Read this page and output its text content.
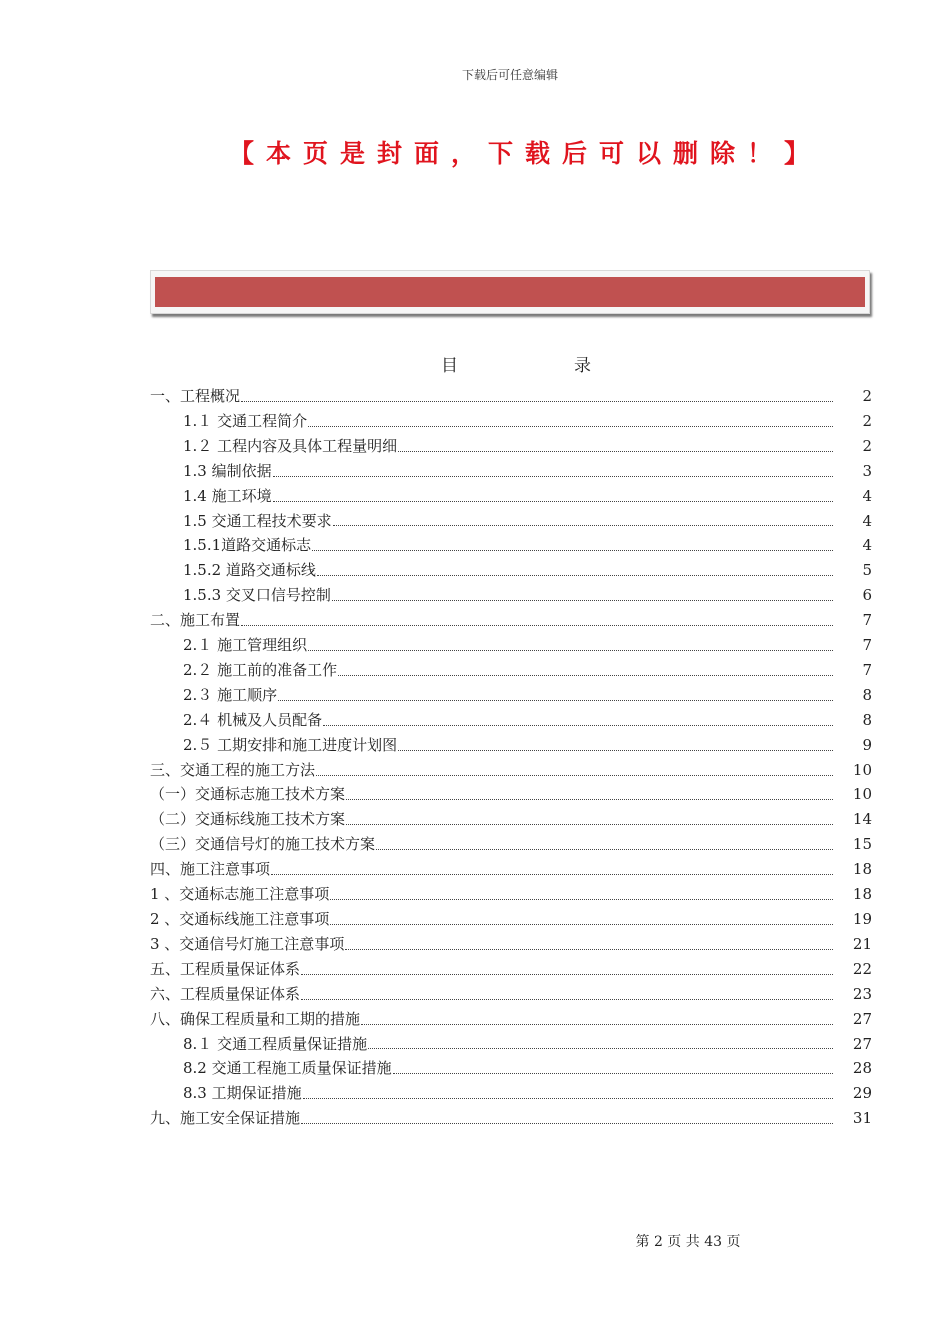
下载后可任意编辑
【本页是封面，下载后可以删除！】
目	录
一、工程概况	2
1.１ 交通工程简介	2
1.２ 工程内容及具体工程量明细	2
1.3 编制依据	3
1.4 施工环境	4
1.5 交通工程技术要求	4
1.5.1道路交通标志	4
1.5.2 道路交通标线	5
1.5.3 交叉口信号控制	6
二、施工布置	7
2.１ 施工管理组织	7
2.２ 施工前的准备工作	7
2.３ 施工顺序	8
2.４ 机械及人员配备	8
2.５ 工期安排和施工进度计划图	9
三、交通工程的施工方法	10
（一）交通标志施工技术方案	10
（二）交通标线施工技术方案	14
（三）交通信号灯的施工技术方案	15
四、施工注意事项	18
1 、交通标志施工注意事项	18
2 、交通标线施工注意事项	19
3 、交通信号灯施工注意事项	21
五、工程质量保证体系	22
六、工程质量保证体系	23
八、确保工程质量和工期的措施	27
8.１ 交通工程质量保证措施	27
8.2 交通工程施工质量保证措施	28
8.3 工期保证措施	29
九、施工安全保证措施	31
第 2 页 共 43 页
